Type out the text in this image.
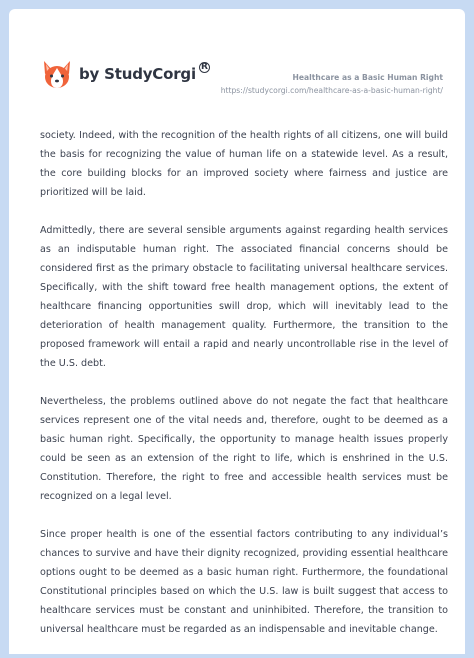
by StudyCorgi R
Healthcare as a Basic Human Right
https://studycorgi.com/healthcare-as-a-basic-human-right/

society. Indeed, with the recognition of the health rights of all citizens, one will build the basis for recognizing the value of human life on a statewide level. As a result, the core building blocks for an improved society where fairness and justice are prioritized will be laid.

Admittedly, there are several sensible arguments against regarding health services as an indisputable human right. The associated financial concerns should be considered first as the primary obstacle to facilitating universal healthcare services. Specifically, with the shift toward free health management options, the extent of healthcare financing opportunities swill drop, which will inevitably lead to the deterioration of health management quality. Furthermore, the transition to the proposed framework will entail a rapid and nearly uncontrollable rise in the level of the U.S. debt.

Nevertheless, the problems outlined above do not negate the fact that healthcare services represent one of the vital needs and, therefore, ought to be deemed as a basic human right. Specifically, the opportunity to manage health issues properly could be seen as an extension of the right to life, which is enshrined in the U.S. Constitution. Therefore, the right to free and accessible health services must be recognized on a legal level.

Since proper health is one of the essential factors contributing to any individual’s chances to survive and have their dignity recognized, providing essential healthcare options ought to be deemed as a basic human right. Furthermore, the foundational Constitutional principles based on which the U.S. law is built suggest that access to healthcare services must be constant and uninhibited. Therefore, the transition to universal healthcare must be regarded as an indispensable and inevitable change.
